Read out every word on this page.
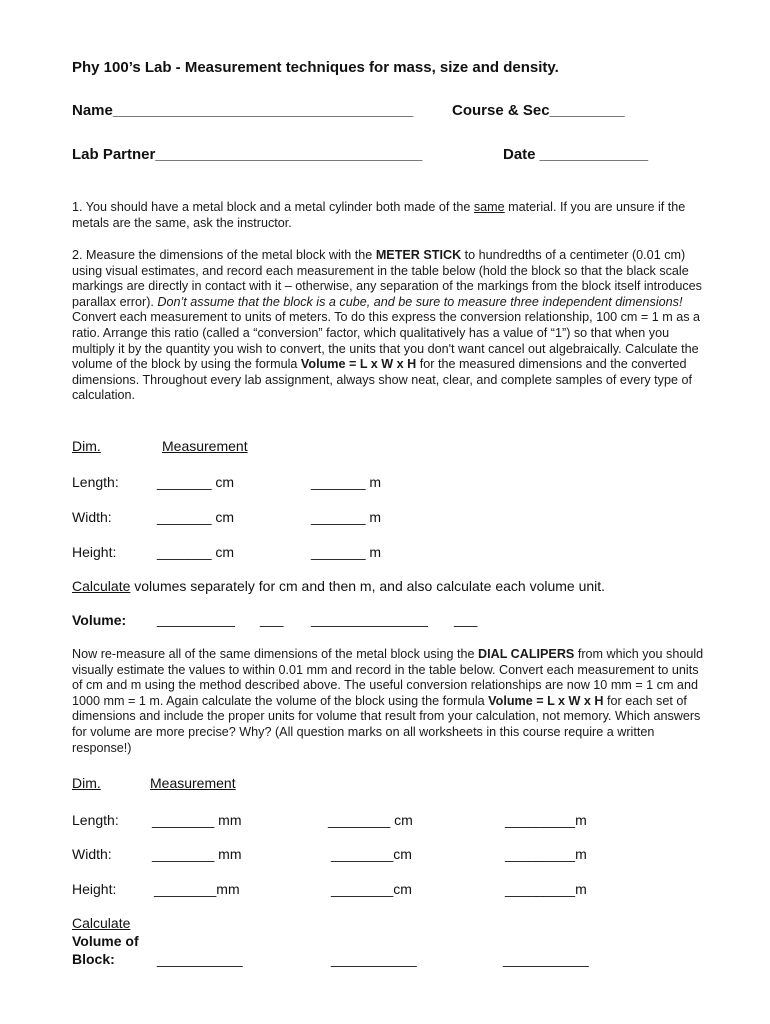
Phy 100’s Lab - Measurement techniques for mass, size and density.
Name____________________________________	Course & Sec_________
Lab Partner________________________________	Date _____________
1. You should have a metal block and a metal cylinder both made of the same material. If you are unsure if the metals are the same, ask the instructor.
2. Measure the dimensions of the metal block with the METER STICK to hundredths of a centimeter (0.01 cm) using visual estimates, and record each measurement in the table below (hold the block so that the black scale markings are directly in contact with it – otherwise, any separation of the markings from the block itself introduces parallax error). Don’t assume that the block is a cube, and be sure to measure three independent dimensions! Convert each measurement to units of meters. To do this express the conversion relationship, 100 cm = 1 m as a ratio. Arrange this ratio (called a “conversion” factor, which qualitatively has a value of “1”) so that when you multiply it by the quantity you wish to convert, the units that you don't want cancel out algebraically. Calculate the volume of the block by using the formula Volume = L x W x H for the measured dimensions and the converted dimensions. Throughout every lab assignment, always show neat, clear, and complete samples of every type of calculation.
Dim.	Measurement
Length:	_______ cm	_______ m
Width:	_______ cm	_______ m
Height:	_______ cm	_______ m
Calculate volumes separately for cm and then m, and also calculate each volume unit.
Volume: __________ ___ _______________ ___
Now re-measure all of the same dimensions of the metal block using the DIAL CALIPERS from which you should visually estimate the values to within 0.01 mm and record in the table below. Convert each measurement to units of cm and m using the method described above. The useful conversion relationships are now 10 mm = 1 cm and 1000 mm = 1 m. Again calculate the volume of the block using the formula Volume = L x W x H for each set of dimensions and include the proper units for volume that result from your calculation, not memory. Which answers for volume are more precise? Why? (All question marks on all worksheets in this course require a written response!)
Dim.	Measurement
Length: ________ mm	________ cm	_________m
Width:	________ mm	________cm	_________m
Height:	________mm	________cm	_________m
Calculate
Volume of
Block:	___________	___________	___________
